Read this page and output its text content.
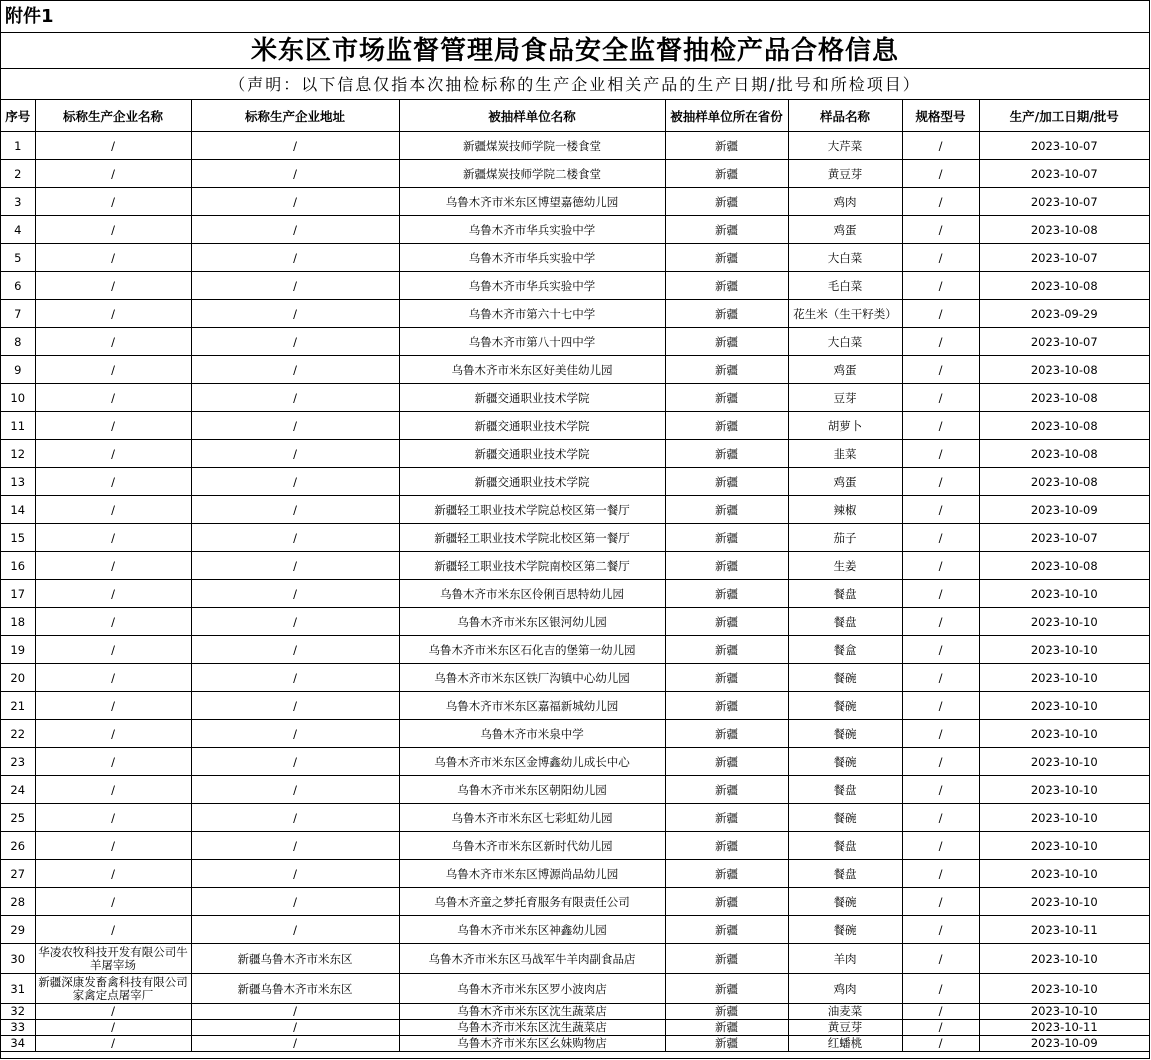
附件1
米东区市场监督管理局食品安全监督抽检产品合格信息
（声明：以下信息仅指本次抽检标称的生产企业相关产品的生产日期/批号和所检项目）
序号	标称生产企业名称	标称生产企业地址	被抽样单位名称	被抽样单位所在省份	样品名称	规格型号	生产/加工日期/批号
1	/	/	新疆煤炭技师学院一楼食堂	新疆	大芹菜	/	2023-10-07
2	/	/	新疆煤炭技师学院二楼食堂	新疆	黄豆芽	/	2023-10-07
3	/	/	乌鲁木齐市米东区博望嘉德幼儿园	新疆	鸡肉	/	2023-10-07
4	/	/	乌鲁木齐市华兵实验中学	新疆	鸡蛋	/	2023-10-08
5	/	/	乌鲁木齐市华兵实验中学	新疆	大白菜	/	2023-10-07
6	/	/	乌鲁木齐市华兵实验中学	新疆	毛白菜	/	2023-10-08
7	/	/	乌鲁木齐市第六十七中学	新疆	花生米（生干籽类）	/	2023-09-29
8	/	/	乌鲁木齐市第八十四中学	新疆	大白菜	/	2023-10-07
9	/	/	乌鲁木齐市米东区好美佳幼儿园	新疆	鸡蛋	/	2023-10-08
10	/	/	新疆交通职业技术学院	新疆	豆芽	/	2023-10-08
11	/	/	新疆交通职业技术学院	新疆	胡萝卜	/	2023-10-08
12	/	/	新疆交通职业技术学院	新疆	韭菜	/	2023-10-08
13	/	/	新疆交通职业技术学院	新疆	鸡蛋	/	2023-10-08
14	/	/	新疆轻工职业技术学院总校区第一餐厅	新疆	辣椒	/	2023-10-09
15	/	/	新疆轻工职业技术学院北校区第一餐厅	新疆	茄子	/	2023-10-07
16	/	/	新疆轻工职业技术学院南校区第二餐厅	新疆	生姜	/	2023-10-08
17	/	/	乌鲁木齐市米东区伶俐百思特幼儿园	新疆	餐盘	/	2023-10-10
18	/	/	乌鲁木齐市米东区银河幼儿园	新疆	餐盘	/	2023-10-10
19	/	/	乌鲁木齐市米东区石化吉的堡第一幼儿园	新疆	餐盒	/	2023-10-10
20	/	/	乌鲁木齐市米东区铁厂沟镇中心幼儿园	新疆	餐碗	/	2023-10-10
21	/	/	乌鲁木齐市米东区嘉福新城幼儿园	新疆	餐碗	/	2023-10-10
22	/	/	乌鲁木齐市米泉中学	新疆	餐碗	/	2023-10-10
23	/	/	乌鲁木齐市米东区金博鑫幼儿成长中心	新疆	餐碗	/	2023-10-10
24	/	/	乌鲁木齐市米东区朝阳幼儿园	新疆	餐盘	/	2023-10-10
25	/	/	乌鲁木齐市米东区七彩虹幼儿园	新疆	餐碗	/	2023-10-10
26	/	/	乌鲁木齐市米东区新时代幼儿园	新疆	餐盘	/	2023-10-10
27	/	/	乌鲁木齐市米东区博源尚品幼儿园	新疆	餐盘	/	2023-10-10
28	/	/	乌鲁木齐童之梦托育服务有限责任公司	新疆	餐碗	/	2023-10-10
29	/	/	乌鲁木齐市米东区神鑫幼儿园	新疆	餐碗	/	2023-10-11
30	华凌农牧科技开发有限公司牛羊屠宰场	新疆乌鲁木齐市米东区	乌鲁木齐市米东区马战军牛羊肉副食品店	新疆	羊肉	/	2023-10-10
31	新疆深康发畜禽科技有限公司家禽定点屠宰厂	新疆乌鲁木齐市米东区	乌鲁木齐市米东区罗小波肉店	新疆	鸡肉	/	2023-10-10
32	/	/	乌鲁木齐市米东区沈生蔬菜店	新疆	油麦菜	/	2023-10-10
33	/	/	乌鲁木齐市米东区沈生蔬菜店	新疆	黄豆芽	/	2023-10-11
34	/	/	乌鲁木齐市米东区幺妹购物店	新疆	红蟠桃	/	2023-10-09
